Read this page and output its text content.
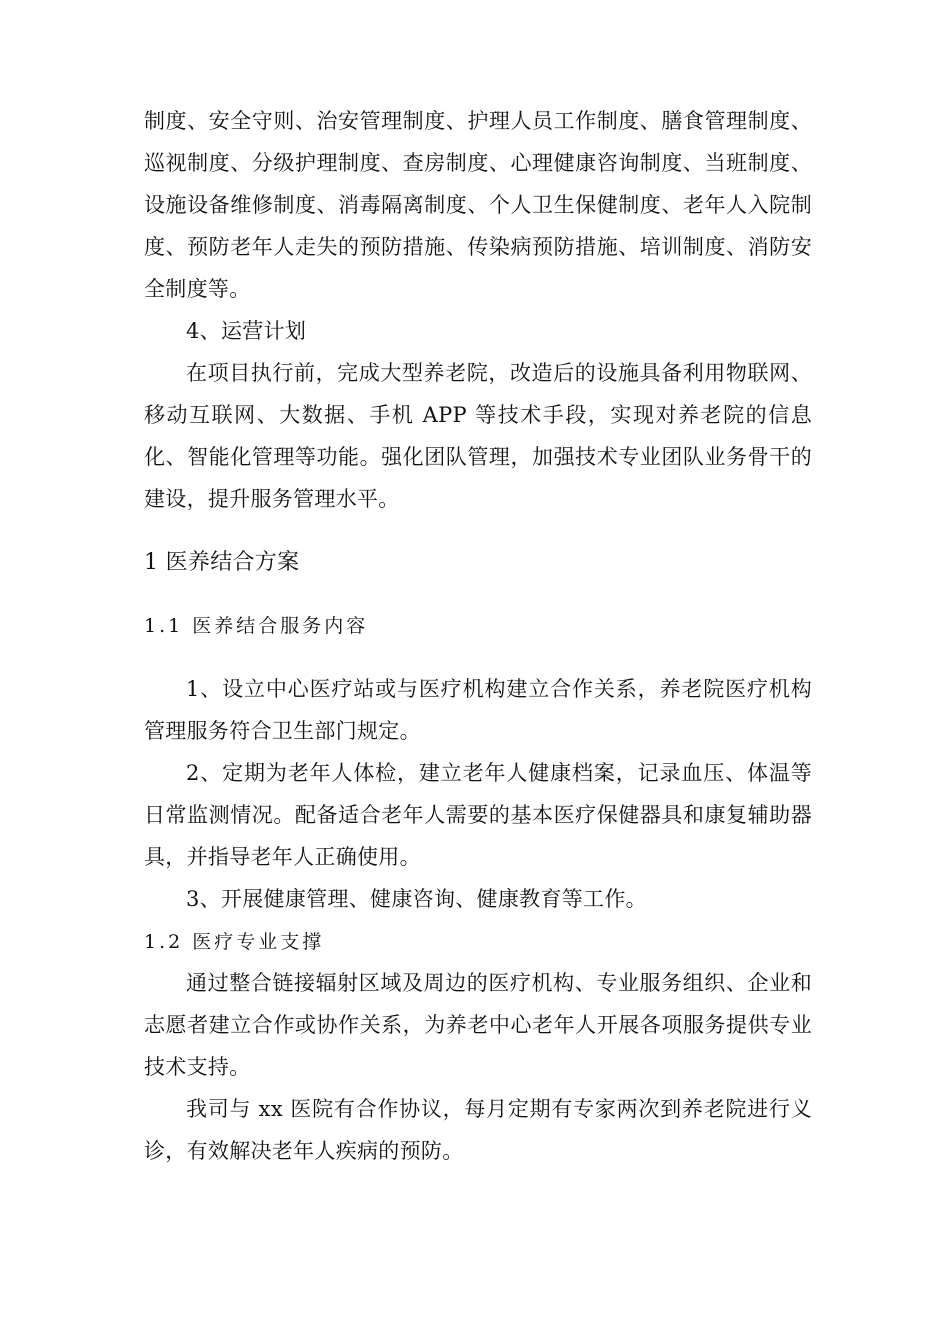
制度、安全守则、治安管理制度、护理人员工作制度、膳食管理制度、巡视制度、分级护理制度、查房制度、心理健康咨询制度、当班制度、设施设备维修制度、消毒隔离制度、个人卫生保健制度、老年人入院制度、预防老年人走失的预防措施、传染病预防措施、培训制度、消防安全制度等。

4、运营计划

在项目执行前，完成大型养老院，改造后的设施具备利用物联网、移动互联网、大数据、手机 APP 等技术手段，实现对养老院的信息化、智能化管理等功能。强化团队管理，加强技术专业团队业务骨干的建设，提升服务管理水平。

1 医养结合方案

1.1 医养结合服务内容

1、设立中心医疗站或与医疗机构建立合作关系，养老院医疗机构管理服务符合卫生部门规定。

2、定期为老年人体检，建立老年人健康档案，记录血压、体温等日常监测情况。配备适合老年人需要的基本医疗保健器具和康复辅助器具，并指导老年人正确使用。

3、开展健康管理、健康咨询、健康教育等工作。

1.2 医疗专业支撑

通过整合链接辐射区域及周边的医疗机构、专业服务组织、企业和志愿者建立合作或协作关系，为养老中心老年人开展各项服务提供专业技术支持。

我司与 xx 医院有合作协议，每月定期有专家两次到养老院进行义诊，有效解决老年人疾病的预防。
